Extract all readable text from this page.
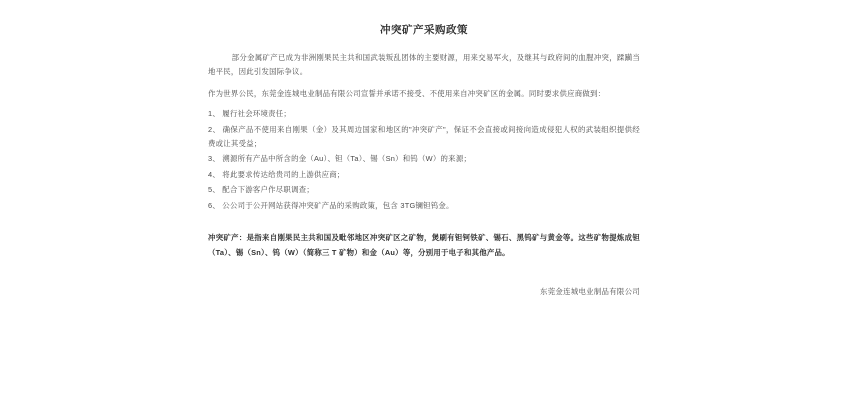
冲突矿产采购政策

部分金属矿产已成为非洲刚果民主共和国武装叛乱团体的主要财源，用来交易军火，及继其与政府间的血腥冲突，蹂躏当地平民，因此引发国际争议。

作为世界公民，东莞金连城电业制品有限公司宣誓并承诺不接受、不使用来自冲突矿区的金属。同时要求供应商做到：

1、 履行社会环境责任；
2、 确保产品不使用来自刚果（金）及其周边国家和地区的"冲突矿产"，保证不会直接或间接向造成侵犯人权的武装组织提供经费或让其受益；
3、 溯源所有产品中所含的金（Au）、钽（Ta）、锡（Sn）和钨（W）的来源；
4、 将此要求传达给贵司的上游供应商；
5、 配合下游客户作尽职调查；
6、 公公司于公开网站获得冲突矿产品的采购政策，包含 3TG镧钽钨金。
冲突矿产：是指来自刚果民主共和国及毗邻地区冲突矿区之矿物，煲刷有钽钶铁矿、锡石、黑钨矿与黄金等。这些矿物提炼成钽（Ta）、锡（Sn）、钨（W）（简称三 T 矿物）和金（Au）等，分别用于电子和其他产品。
东莞金连城电业制品有限公司
